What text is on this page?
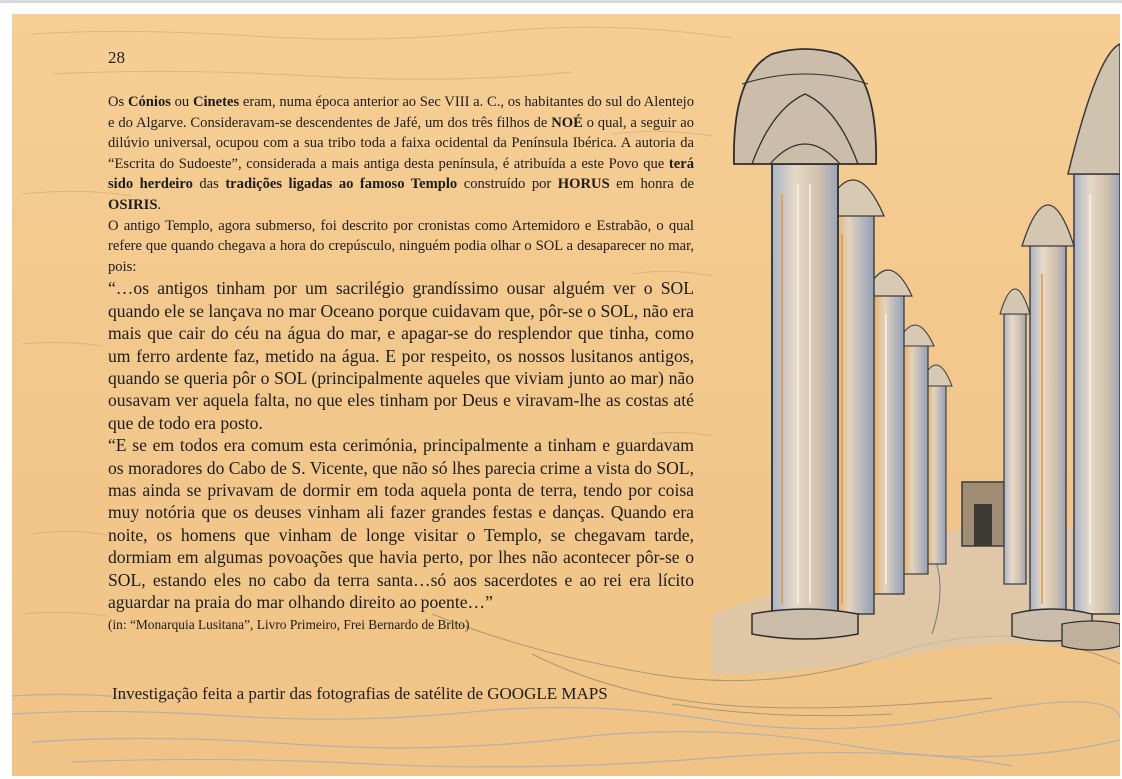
28

Os Cónios ou Cinetes eram, numa época anterior ao Sec VIII a. C., os habitantes do sul do Alentejo e do Algarve. Consideravam-se descendentes de Jafé, um dos três filhos de NOÉ o qual, a seguir ao dilúvio universal, ocupou com a sua tribo toda a faixa ocidental da Península Ibérica. A autoria da “Escrita do Sudoeste”, considerada a mais antiga desta península, é atribuída a este Povo que terá sido herdeiro das tradições ligadas ao famoso Templo construído por HORUS em honra de OSIRIS.

O antigo Templo, agora submerso, foi descrito por cronistas como Artemidoro e Estrabão, o qual refere que quando chegava a hora do crepúsculo, ninguém podia olhar o SOL a desaparecer no mar, pois:

“…os antigos tinham por um sacrilégio grandíssimo ousar alguém ver o SOL quando ele se lançava no mar Oceano porque cuidavam que, pôr-se o SOL, não era mais que cair do céu na água do mar, e apagar-se do resplendor que tinha, como um ferro ardente faz, metido na água. E por respeito, os nossos lusitanos antigos, quando se queria pôr o SOL (principalmente aqueles que viviam junto ao mar) não ousavam ver aquela falta, no que eles tinham por Deus e viravam-lhe as costas até que de todo era posto.

“E se em todos era comum esta cerimónia, principalmente a tinham e guardavam os moradores do Cabo de S. Vicente, que não só lhes parecia crime a vista do SOL, mas ainda se privavam de dormir em toda aquela ponta de terra, tendo por coisa muy notória que os deuses vinham ali fazer grandes festas e danças. Quando era noite, os homens que vinham de longe visitar o Templo, se chegavam tarde, dormiam em algumas povoações que havia perto, por lhes não acontecer pôr-se o SOL, estando eles no cabo da terra santa…só aos sacerdotes e ao rei era lícito aguardar na praia do mar olhando direito ao poente…”

(in: “Monarquia Lusitana”, Livro Primeiro, Frei Bernardo de Brito)

Investigação feita a partir das fotografias de satélite de GOOGLE MAPS
